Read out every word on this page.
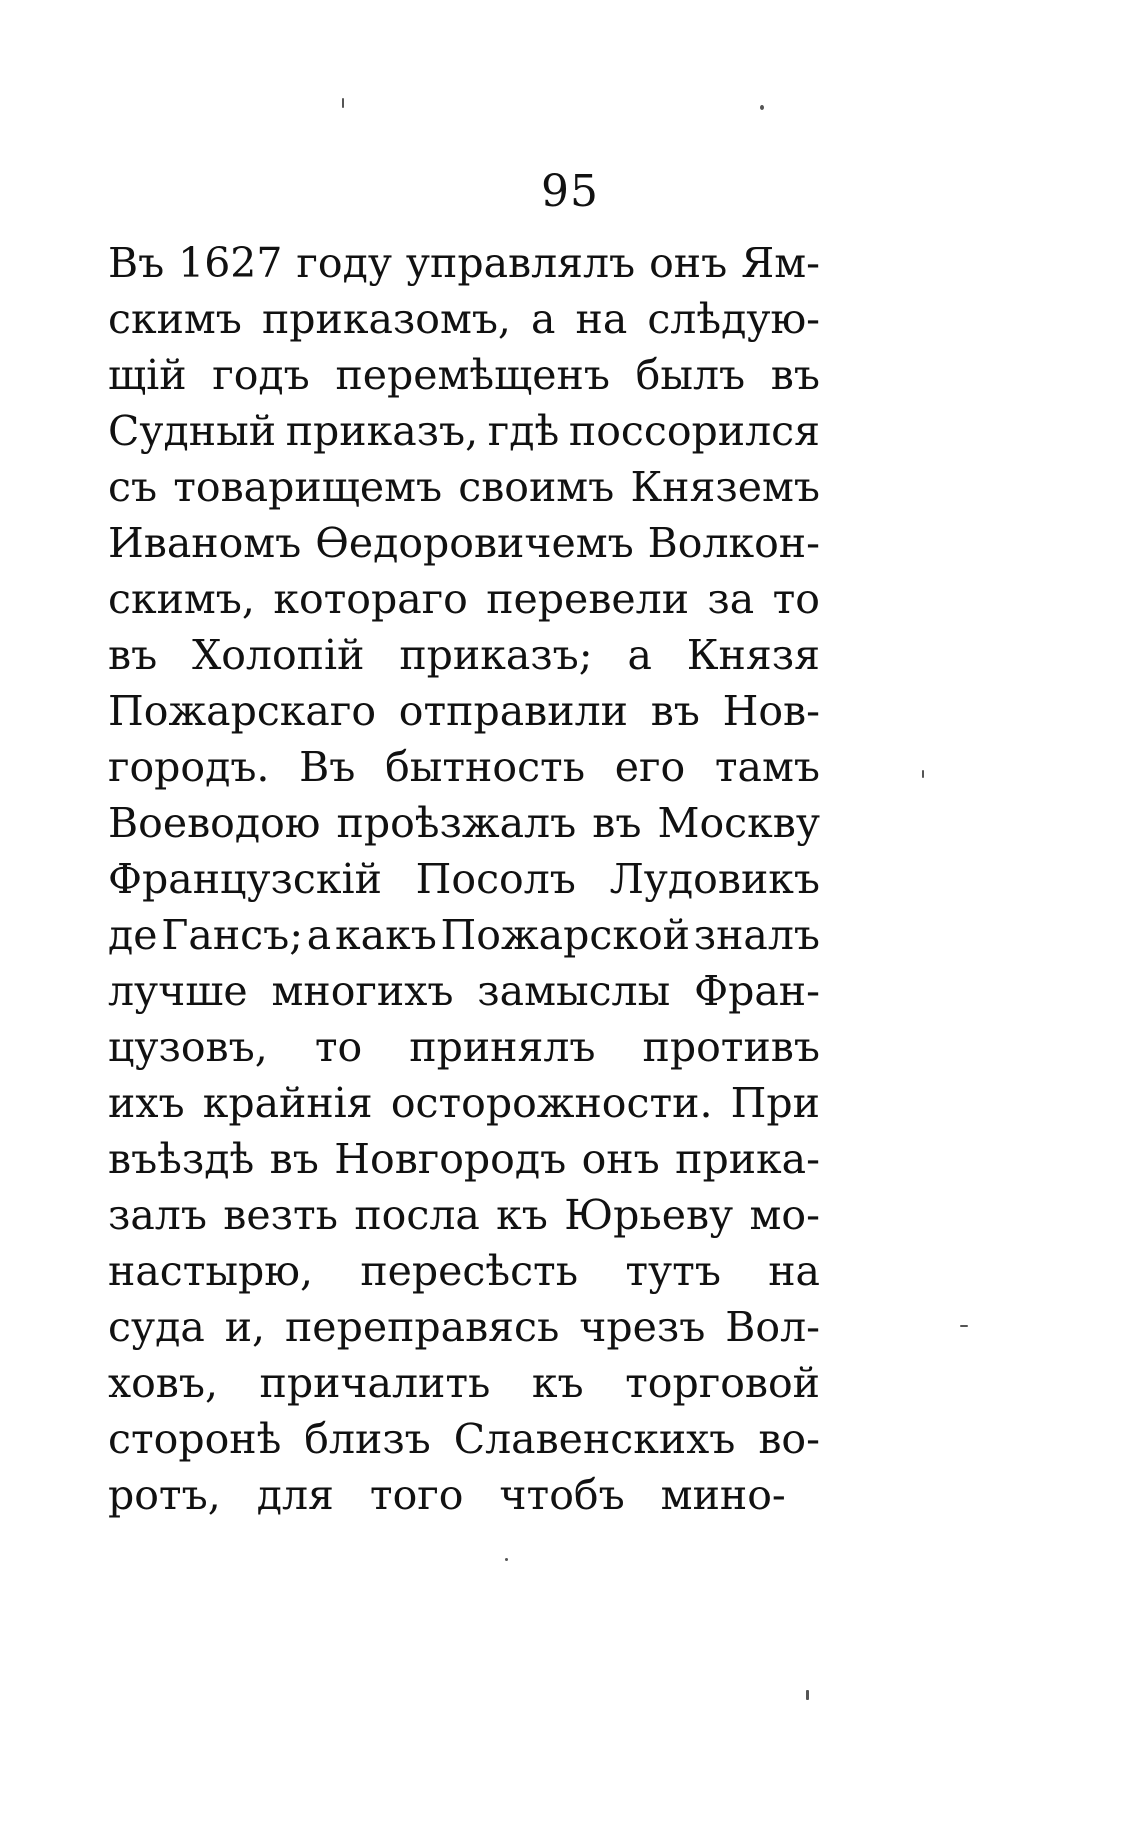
95
Въ 1627 году управлялъ онъ Ям-
скимъ приказомъ, а на слѣдую-
щій годъ перемѣщенъ былъ въ
Судный приказъ, гдѣ поссорился
съ товарищемъ своимъ Княземъ
Иваномъ Ѳедоровичемъ Волкон-
скимъ, котораго перевели за то
въ Холопій приказъ; а Князя
Пожарскаго отправили въ Нов-
городъ. Въ бытность его тамъ
Воеводою проѣзжалъ въ Москву
Французскій Посолъ Лудовикъ
де Гансъ; а какъ Пожарской зналъ
лучше многихъ замыслы Фран-
цузовъ, то принялъ противъ
ихъ крайнія осторожности. При
въѣздѣ въ Новгородъ онъ прика-
залъ везть посла къ Юрьеву мо-
настырю, пересѣсть тутъ на
суда и, переправясь чрезъ Вол-
ховъ, причалить къ торговой
сторонѣ близъ Славенскихъ во-
ротъ, для того чтобъ мино-
